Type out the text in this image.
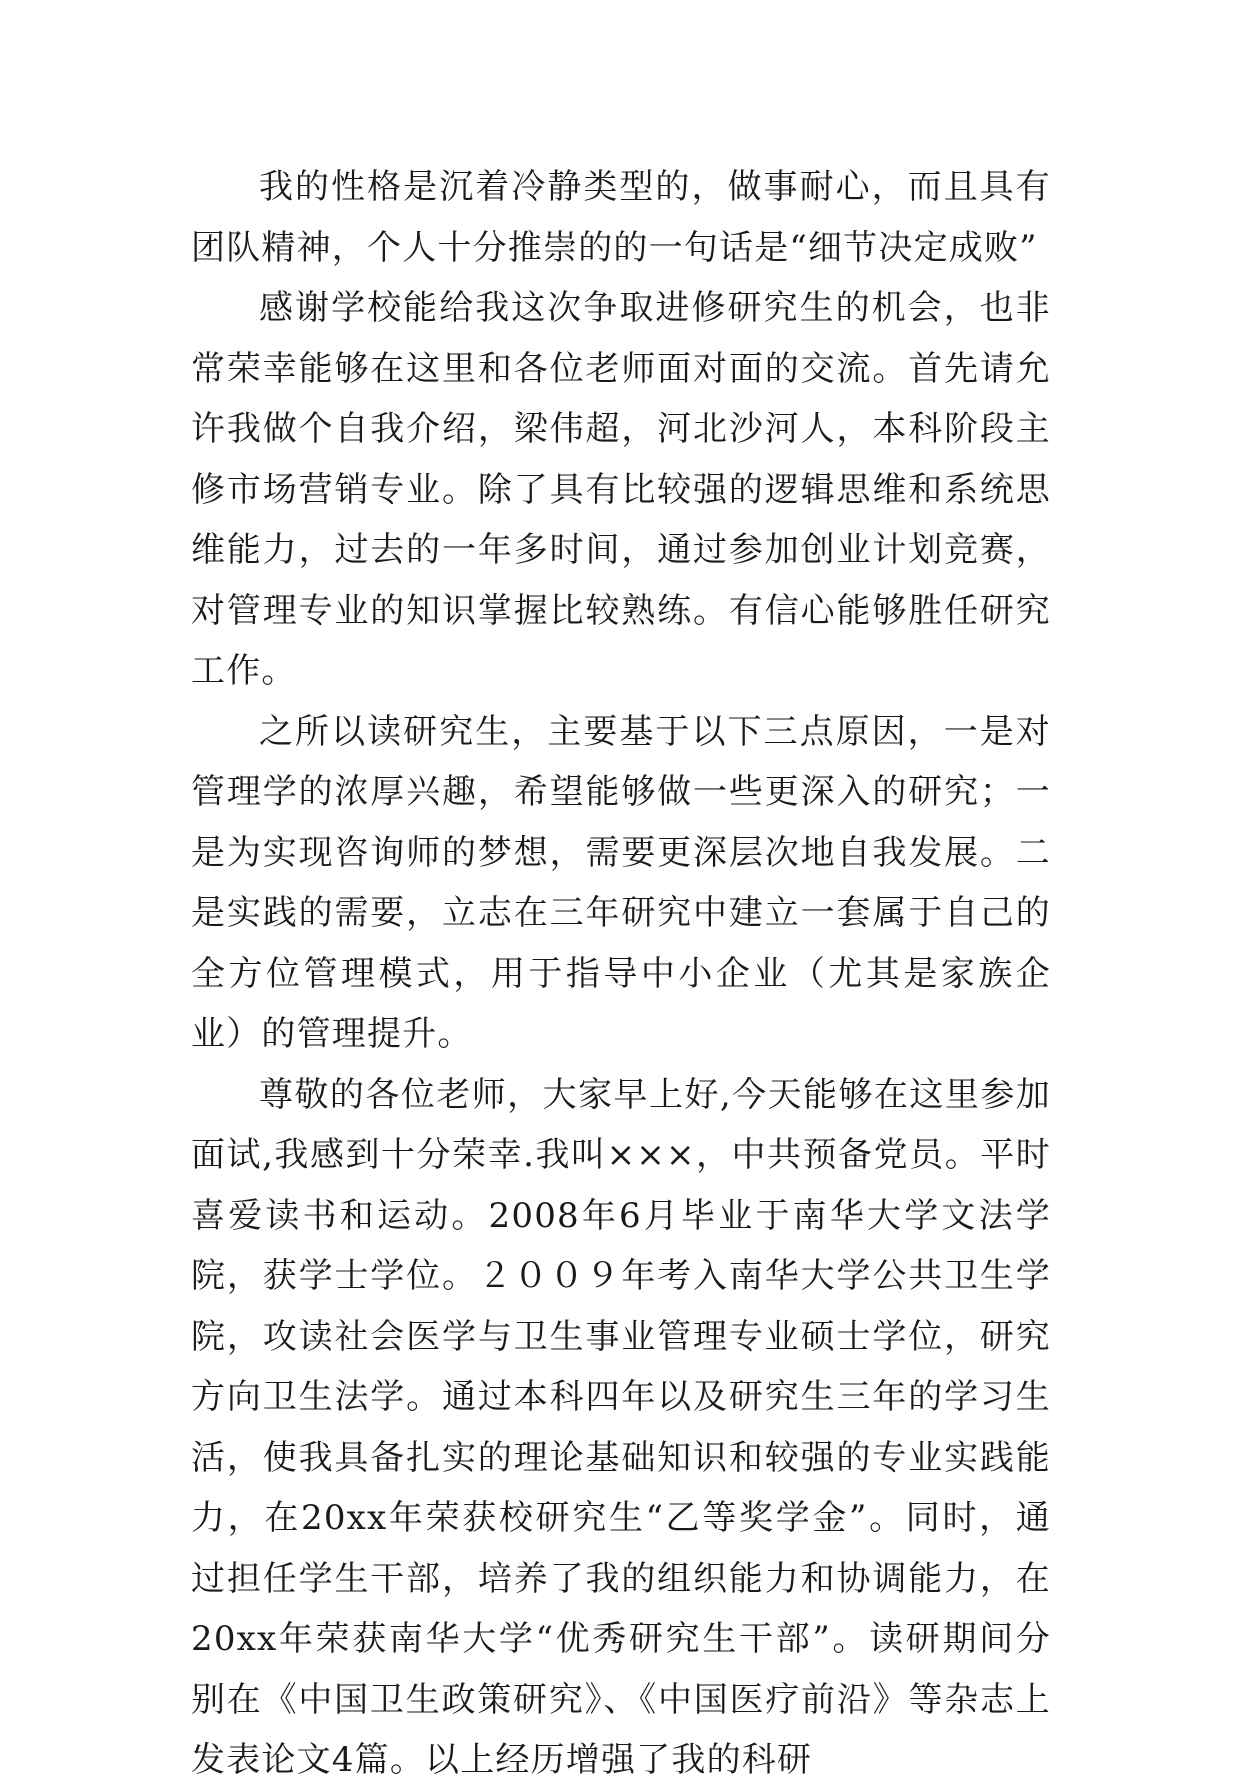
我的性格是沉着冷静类型的，做事耐心，而且具有团队精神，个人十分推崇的的一句话是“细节决定成败”

感谢学校能给我这次争取进修研究生的机会，也非常荣幸能够在这里和各位老师面对面的交流。首先请允许我做个自我介绍，梁伟超，河北沙河人，本科阶段主修市场营销专业。除了具有比较强的逻辑思维和系统思维能力，过去的一年多时间，通过参加创业计划竞赛，对管理专业的知识掌握比较熟练。有信心能够胜任研究工作。

之所以读研究生，主要基于以下三点原因，一是对管理学的浓厚兴趣，希望能够做一些更深入的研究；一是为实现咨询师的梦想，需要更深层次地自我发展。二是实践的需要，立志在三年研究中建立一套属于自己的全方位管理模式，用于指导中小企业（尤其是家族企业）的管理提升。

尊敬的各位老师，大家早上好,今天能够在这里参加面试,我感到十分荣幸.我叫×××，中共预备党员。平时喜爱读书和运动。2008年6月毕业于南华大学文法学院，获学士学位。２００９年考入南华大学公共卫生学院，攻读社会医学与卫生事业管理专业硕士学位，研究方向卫生法学。通过本科四年以及研究生三年的学习生活，使我具备扎实的理论基础知识和较强的专业实践能力，在20xx年荣获校研究生“乙等奖学金”。同时，通过担任学生干部，培养了我的组织能力和协调能力，在20xx年荣获南华大学“优秀研究生干部”。读研期间分别在《中国卫生政策研究》、《中国医疗前沿》等杂志上发表论文4篇。以上经历增强了我的科研
